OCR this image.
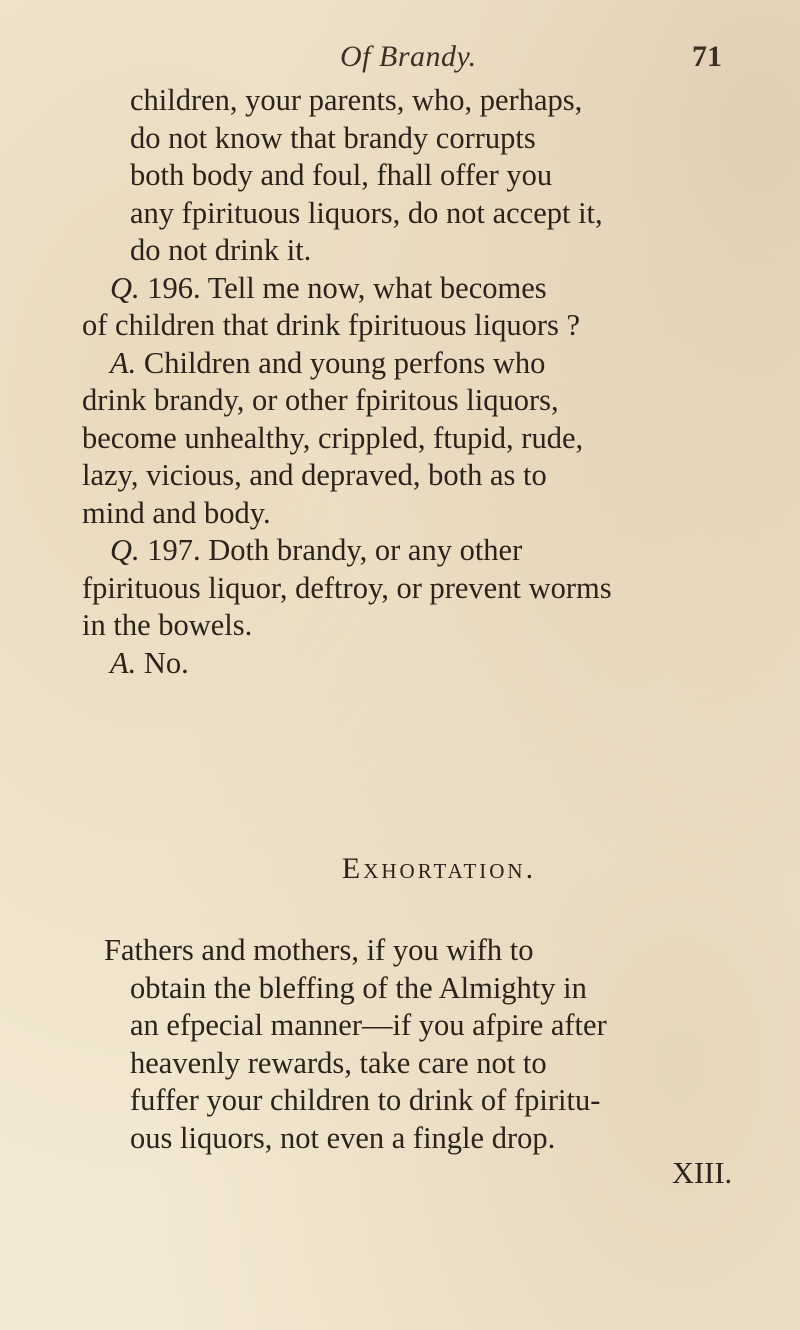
Of Brandy.	71
children, your parents, who, perhaps,
do not know that brandy corrupts
both body and foul, fhall offer you
any fpirituous liquors, do not accept it,
do not drink it.
Q. 196. Tell me now, what becomes
of children that drink fpirituous liquors ?
A. Children and young perfons who
drink brandy, or other fpiritous liquors,
become unhealthy, crippled, ftupid, rude,
lazy, vicious, and depraved, both as to
mind and body.
Q. 197. Doth brandy, or any other
fpirituous liquor, deftroy, or prevent worms
in the bowels.
A. No.
Exhortation.
Fathers and mothers, if you wifh to
obtain the bleffing of the Almighty in
an efpecial manner—if you afpire after
heavenly rewards, take care not to
fuffer your children to drink of fpiritu-
ous liquors, not even a fingle drop.
XIII.
